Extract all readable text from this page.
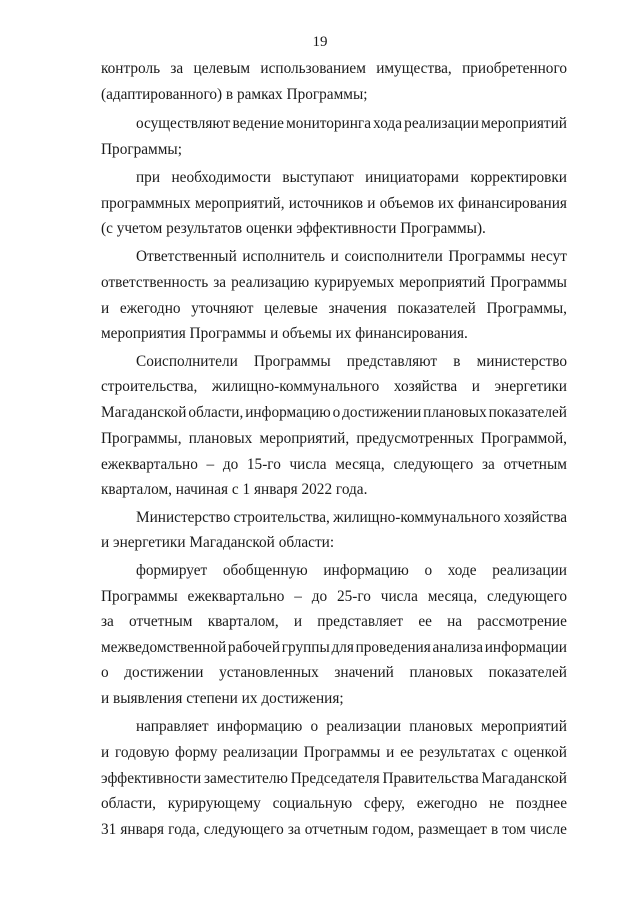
19
контроль за целевым использованием имущества, приобретенного
(адаптированного) в рамках Программы;
осуществляют ведение мониторинга хода реализации мероприятий
Программы;
при необходимости выступают инициаторами корректировки
программных мероприятий, источников и объемов их финансирования
(с учетом результатов оценки эффективности Программы).
Ответственный исполнитель и соисполнители Программы несут
ответственность за реализацию курируемых мероприятий Программы
и ежегодно уточняют целевые значения показателей Программы,
мероприятия Программы и объемы их финансирования.
Соисполнители Программы представляют в министерство
строительства, жилищно-коммунального хозяйства и энергетики
Магаданской области, информацию о достижении плановых показателей
Программы, плановых мероприятий, предусмотренных Программой,
ежеквартально – до 15-го числа месяца, следующего за отчетным
кварталом, начиная с 1 января 2022 года.
Министерство строительства, жилищно-коммунального хозяйства
и энергетики Магаданской области:
формирует обобщенную информацию о ходе реализации
Программы ежеквартально – до 25-го числа месяца, следующего
за отчетным кварталом, и представляет ее на рассмотрение
межведомственной рабочей группы для проведения анализа информации
о достижении установленных значений плановых показателей
и выявления степени их достижения;
направляет информацию о реализации плановых мероприятий
и годовую форму реализации Программы и ее результатах с оценкой
эффективности заместителю Председателя Правительства Магаданской
области, курирующему социальную сферу, ежегодно не позднее
31 января года, следующего за отчетным годом, размещает в том числе
